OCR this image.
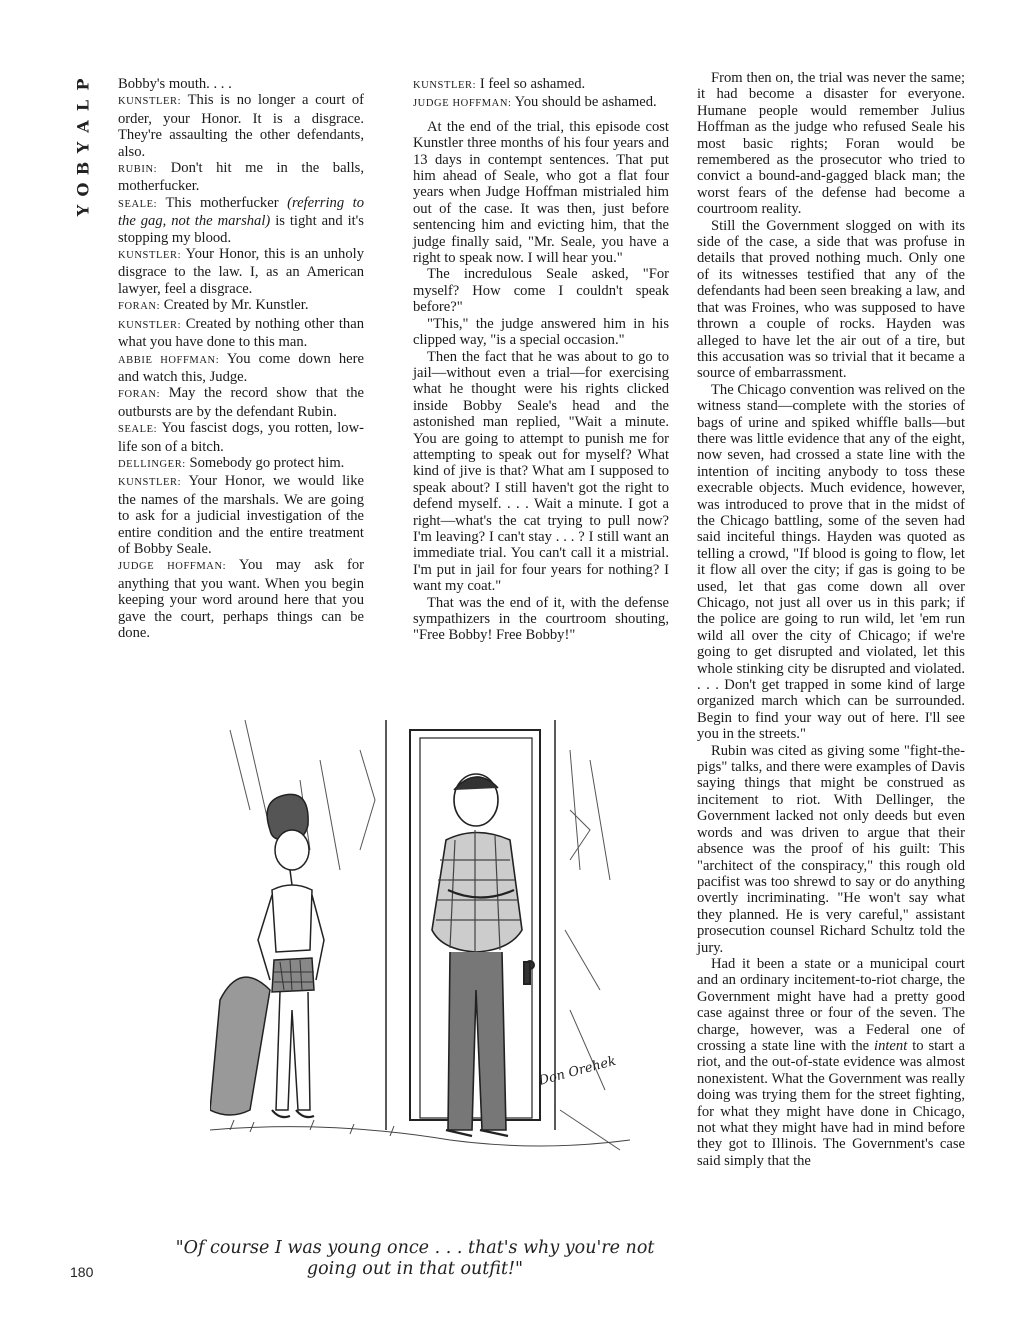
P
L
A
Y
B
O
Y
180

Bobby's mouth. . . .

KUNSTLER: This is no longer a court of order, your Honor. It is a disgrace. They're assaulting the other defendants, also.

RUBIN: Don't hit me in the balls, motherfucker.

SEALE: This motherfucker (referring to the gag, not the marshal) is tight and it's stopping my blood.

KUNSTLER: Your Honor, this is an unholy disgrace to the law. I, as an American lawyer, feel a disgrace.

FORAN: Created by Mr. Kunstler.

KUNSTLER: Created by nothing other than what you have done to this man.

ABBIE HOFFMAN: You come down here and watch this, Judge.

FORAN: May the record show that the outbursts are by the defendant Rubin.

SEALE: You fascist dogs, you rotten, low-life son of a bitch.

DELLINGER: Somebody go protect him.

KUNSTLER: Your Honor, we would like the names of the marshals. We are going to ask for a judicial investigation of the entire condition and the entire treatment of Bobby Seale.

JUDGE HOFFMAN: You may ask for anything that you want. When you begin keeping your word around here that you gave the court, perhaps things can be done.

KUNSTLER: I feel so ashamed.

JUDGE HOFFMAN: You should be ashamed.

At the end of the trial, this episode cost Kunstler three months of his four years and 13 days in contempt sentences. That put him ahead of Seale, who got a flat four years when Judge Hoffman mistrialed him out of the case. It was then, just before sentencing him and evicting him, that the judge finally said, "Mr. Seale, you have a right to speak now. I will hear you."

The incredulous Seale asked, "For myself? How come I couldn't speak before?"

"This," the judge answered him in his clipped way, "is a special occasion."

Then the fact that he was about to go to jail—without even a trial—for exercising what he thought were his rights clicked inside Bobby Seale's head and the astonished man replied, "Wait a minute. You are going to attempt to punish me for attempting to speak out for myself? What kind of jive is that? What am I supposed to speak about? I still haven't got the right to defend myself. . . . Wait a minute. I got a right—what's the cat trying to pull now? I'm leaving? I can't stay . . . ? I still want an immediate trial. You can't call it a mistrial. I'm put in jail for four years for nothing? I want my coat."

That was the end of it, with the defense sympathizers in the courtroom shouting, "Free Bobby! Free Bobby!"

From then on, the trial was never the same; it had become a disaster for everyone. Humane people would remember Julius Hoffman as the judge who refused Seale his most basic rights; Foran would be remembered as the prosecutor who tried to convict a bound-and-gagged black man; the worst fears of the defense had become a courtroom reality.

Still the Government slogged on with its side of the case, a side that was profuse in details that proved nothing much. Only one of its witnesses testified that any of the defendants had been seen breaking a law, and that was Froines, who was supposed to have thrown a couple of rocks. Hayden was alleged to have let the air out of a tire, but this accusation was so trivial that it became a source of embarrassment.

The Chicago convention was relived on the witness stand—complete with the stories of bags of urine and spiked whiffle balls—but there was little evidence that any of the eight, now seven, had crossed a state line with the intention of inciting anybody to toss these execrable objects. Much evidence, however, was introduced to prove that in the midst of the Chicago battling, some of the seven had said inciteful things. Hayden was quoted as telling a crowd, "If blood is going to flow, let it flow all over the city; if gas is going to be used, let that gas come down all over Chicago, not just all over us in this park; if the police are going to run wild, let 'em run wild all over the city of Chicago; if we're going to get disrupted and violated, let this whole stinking city be disrupted and violated. . . . Don't get trapped in some kind of large organized march which can be surrounded. Begin to find your way out of here. I'll see you in the streets."

Rubin was cited as giving some "fight-the-pigs" talks, and there were examples of Davis saying things that might be construed as incitement to riot. With Dellinger, the Government lacked not only deeds but even words and was driven to argue that their absence was the proof of his guilt: This "architect of the conspiracy," this rough old pacifist was too shrewd to say or do anything overtly incriminating. "He won't say what they planned. He is very careful," assistant prosecution counsel Richard Schultz told the jury.

Had it been a state or a municipal court and an ordinary incitement-to-riot charge, the Government might have had a pretty good case against three or four of the seven. The charge, however, was a Federal one of crossing a state line with the intent to start a riot, and the out-of-state evidence was almost nonexistent. What the Government was really doing was trying them for the street fighting, for what they might have done in Chicago, not what they might have had in mind before they got to Illinois. The Government's case said simply that the

Don Orehek
"Of course I was young once . . . that's why you're not going out in that outfit!"
